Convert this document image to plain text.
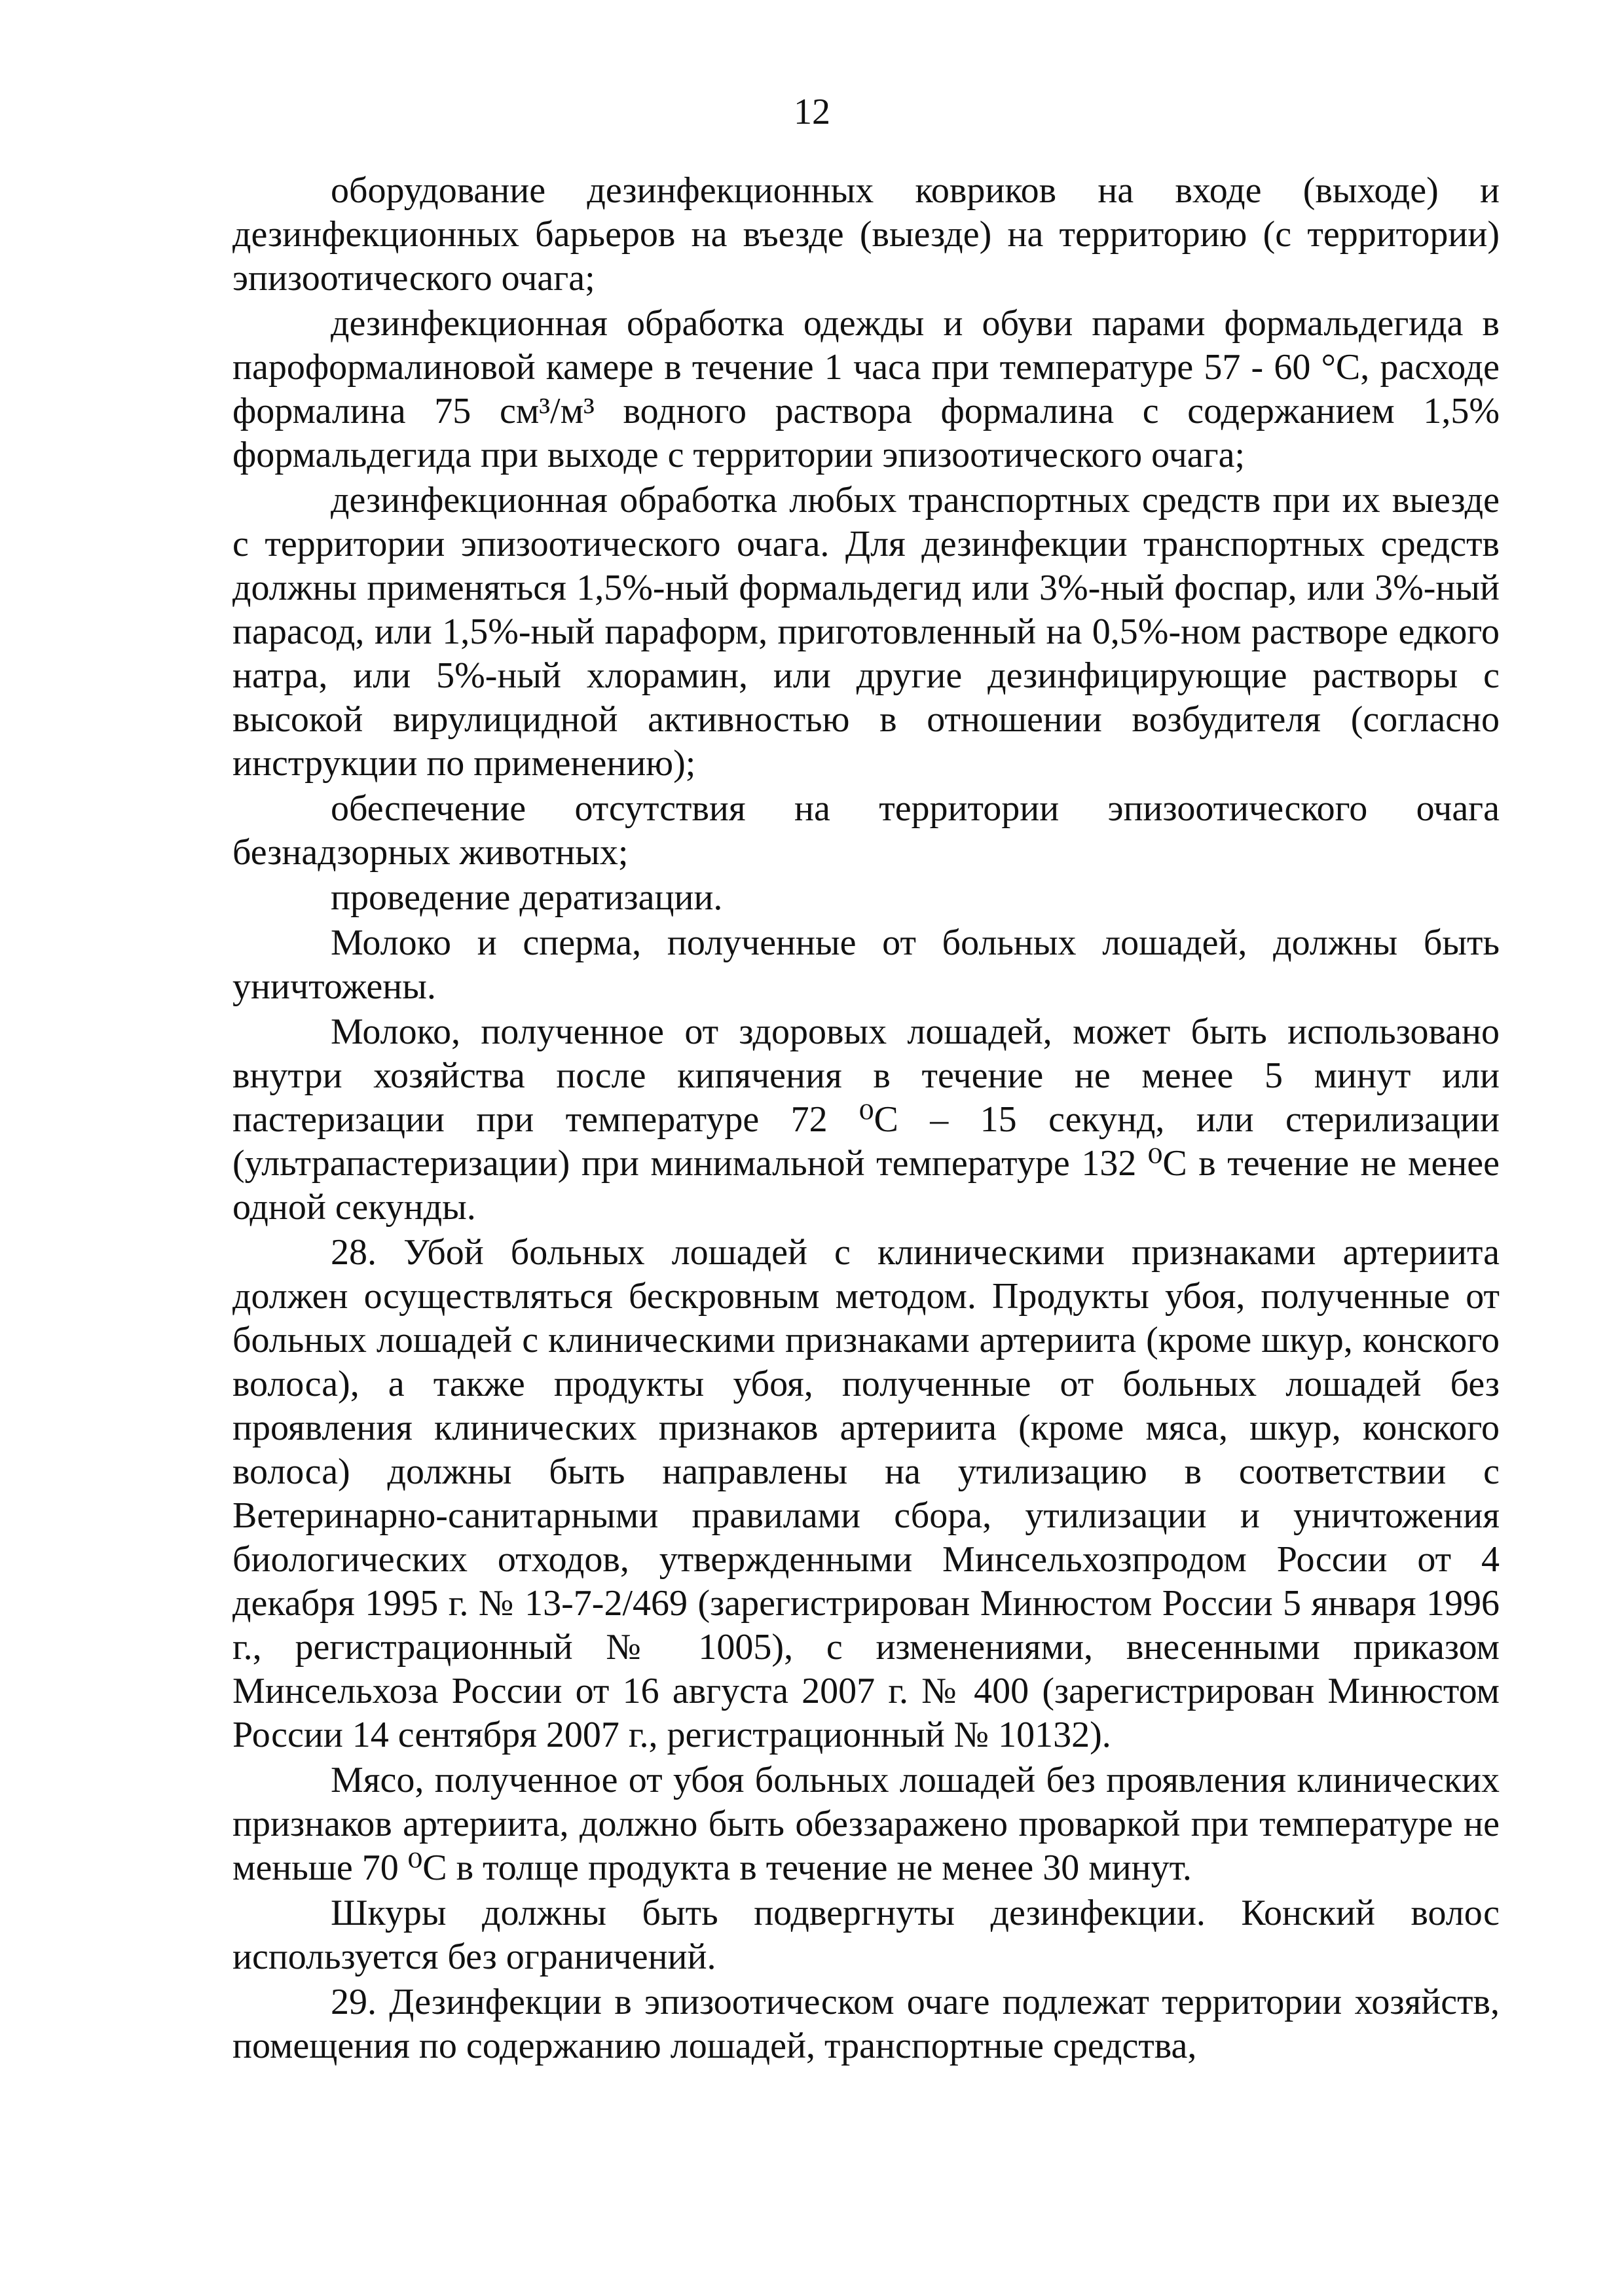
12

оборудование дезинфекционных ковриков на входе (выходе) и дезинфекционных барьеров на въезде (выезде) на территорию (с территории) эпизоотического очага;

дезинфекционная обработка одежды и обуви парами формальдегида в пароформалиновой камере в течение 1 часа при температуре 57 - 60 °С, расходе формалина 75 см³/м³ водного раствора формалина с содержанием 1,5% формальдегида при выходе с территории эпизоотического очага;

дезинфекционная обработка любых транспортных средств при их выезде с территории эпизоотического очага. Для дезинфекции транспортных средств должны применяться 1,5%-ный формальдегид или 3%-ный фоспар, или 3%-ный парасод, или 1,5%-ный параформ, приготовленный на 0,5%-ном растворе едкого натра, или 5%-ный хлорамин, или другие дезинфицирующие растворы с высокой вирулицидной активностью в отношении возбудителя (согласно инструкции по применению);

обеспечение отсутствия на территории эпизоотического очага безнадзорных животных;

проведение дератизации.

Молоко и сперма, полученные от больных лошадей, должны быть уничтожены.

Молоко, полученное от здоровых лошадей, может быть использовано внутри хозяйства после кипячения в течение не менее 5 минут или пастеризации при температуре 72 ⁰С – 15 секунд, или стерилизации (ультрапастеризации) при минимальной температуре 132 ⁰С в течение не менее одной секунды.

28. Убой больных лошадей с клиническими признаками артериита должен осуществляться бескровным методом. Продукты убоя, полученные от больных лошадей с клиническими признаками артериита (кроме шкур, конского волоса), а также продукты убоя, полученные от больных лошадей без проявления клинических признаков артериита (кроме мяса, шкур, конского волоса) должны быть направлены на утилизацию в соответствии с Ветеринарно-санитарными правилами сбора, утилизации и уничтожения биологических отходов, утвержденными Минсельхозпродом России от 4 декабря 1995 г. № 13-7-2/469 (зарегистрирован Минюстом России 5 января 1996 г., регистрационный № 1005), с изменениями, внесенными приказом Минсельхоза России от 16 августа 2007 г. № 400 (зарегистрирован Минюстом России 14 сентября 2007 г., регистрационный № 10132).

Мясо, полученное от убоя больных лошадей без проявления клинических признаков артериита, должно быть обеззаражено проваркой при температуре не меньше 70 ⁰С в толще продукта в течение не менее 30 минут.

Шкуры должны быть подвергнуты дезинфекции. Конский волос используется без ограничений.

29. Дезинфекции в эпизоотическом очаге подлежат территории хозяйств, помещения по содержанию лошадей, транспортные средства,
